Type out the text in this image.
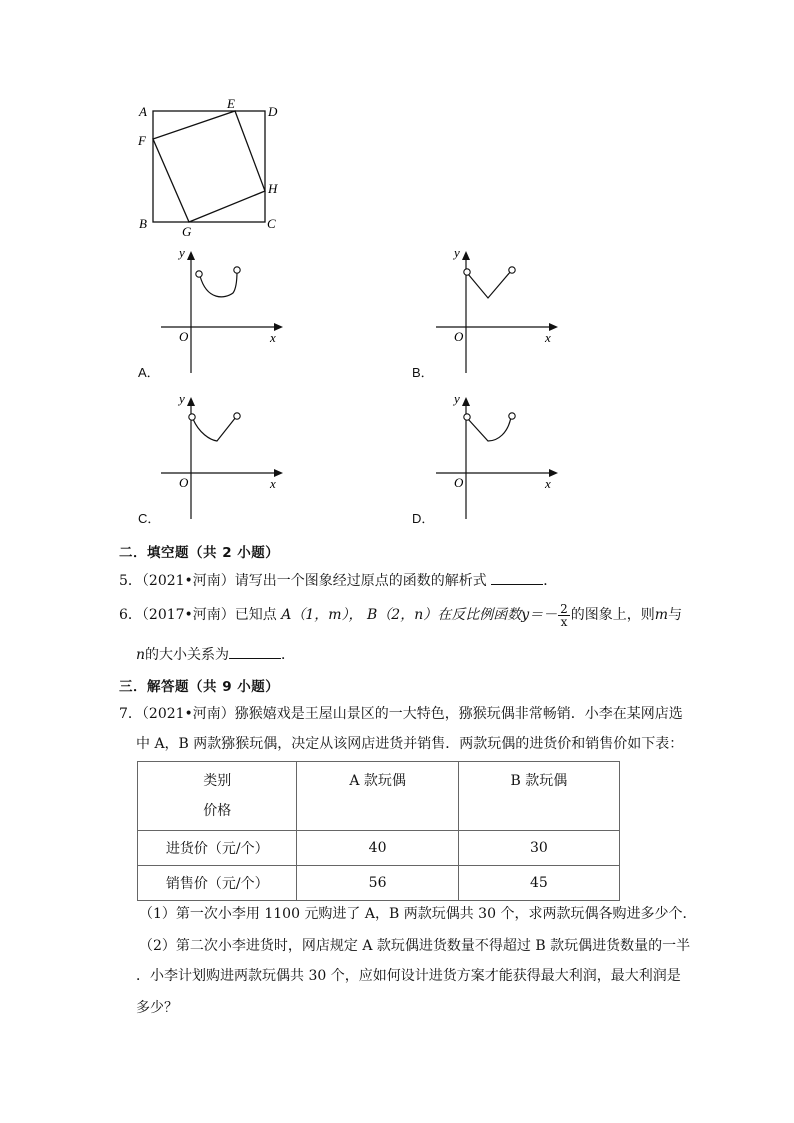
A
E
D
F
H
B
G
C
y
x
O
A．
y
x
O
B．
y
x
O
C．
y
x
O
D．
二．填空题（共 2 小题）
5．（2021•河南）请写出一个图象经过原点的函数的解析式	．
6．（2017•河南）已知点 A（1，m）， B（2，n）在反比例函数$y=- \frac{2}{x}$ 的图象上，则m与
n的大小关系为	．
三．解答题（共 9 小题）
7．（2021•河南）猕猴嬉戏是王屋山景区的一大特色，猕猴玩偶非常畅销．小李在某网店选
中 A，B 两款猕猴玩偶，决定从该网店进货并销售．两款玩偶的进货价和销售价如下表：
类别
价格	A 款玩偶	B 款玩偶
进货价（元/个）	40	30
销售价（元/个）	56	45
（1）第一次小李用 1100 元购进了 A，B 两款玩偶共 30 个，求两款玩偶各购进多少个．
（2）第二次小李进货时，网店规定 A 款玩偶进货数量不得超过 B 款玩偶进货数量的一半
．小李计划购进两款玩偶共 30 个，应如何设计进货方案才能获得最大利润，最大利润是
多少？
